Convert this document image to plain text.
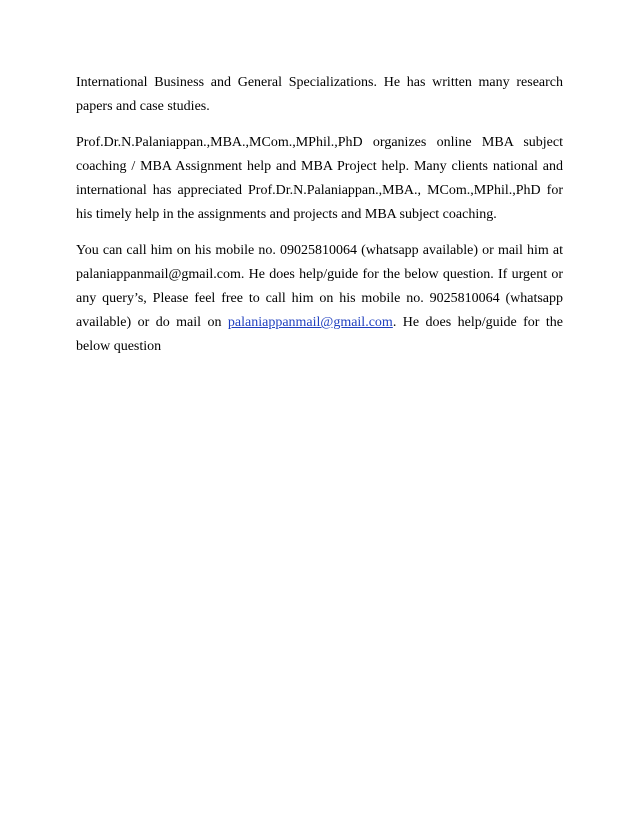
International Business and General Specializations. He has written many research papers and case studies.

Prof.Dr.N.Palaniappan.,MBA.,MCom.,MPhil.,PhD organizes online MBA subject coaching / MBA Assignment help and MBA Project help. Many clients national and international has appreciated Prof.Dr.N.Palaniappan.,MBA., MCom.,MPhil.,PhD for his timely help in the assignments and projects and MBA subject coaching.

You can call him on his mobile no. 09025810064 (whatsapp available) or mail him at palaniappanmail@gmail.com. He does help/guide for the below question. If urgent or any query’s, Please feel free to call him on his mobile no. 9025810064 (whatsapp available) or do mail on palaniappanmail@gmail.com. He does help/guide for the below question
